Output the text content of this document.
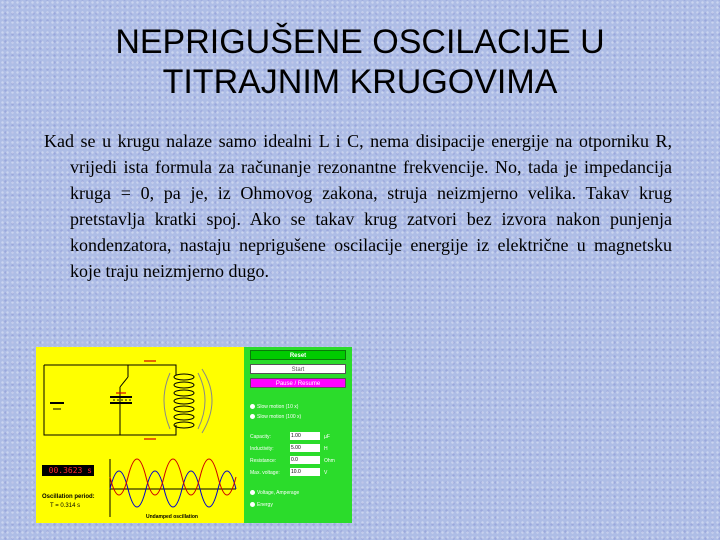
NEPRIGUŠENE OSCILACIJE U
TITRAJNIM KRUGOVIMA
Kad se u krugu nalaze samo idealni L i C, nema disipacije energije na otporniku R, vrijedi ista formula za računanje rezonantne frekvencije. No, tada je impedancija kruga = 0, pa je, iz Ohmovog zakona, struja neizmjerno velika. Takav krug pretstavlja kratki spoj. Ako se takav krug zatvori bez izvora nakon punjenja kondenzatora, nastaju neprigušene oscilacije energije iz električne u magnetsku koje traju neizmjerno dugo.
00.3623 s
Oscillation period:
T = 0.314 s
Undamped oscillation
Reset
Start
Pause / Resume
Slow motion (10 x)
Slow motion (100 x)
Capacity:	1.00	µF
Inductivity:	5.00	H
Resistance:	0.0	Ohm
Max. voltage: 10.0	V
Voltage, Amperage
Energy
